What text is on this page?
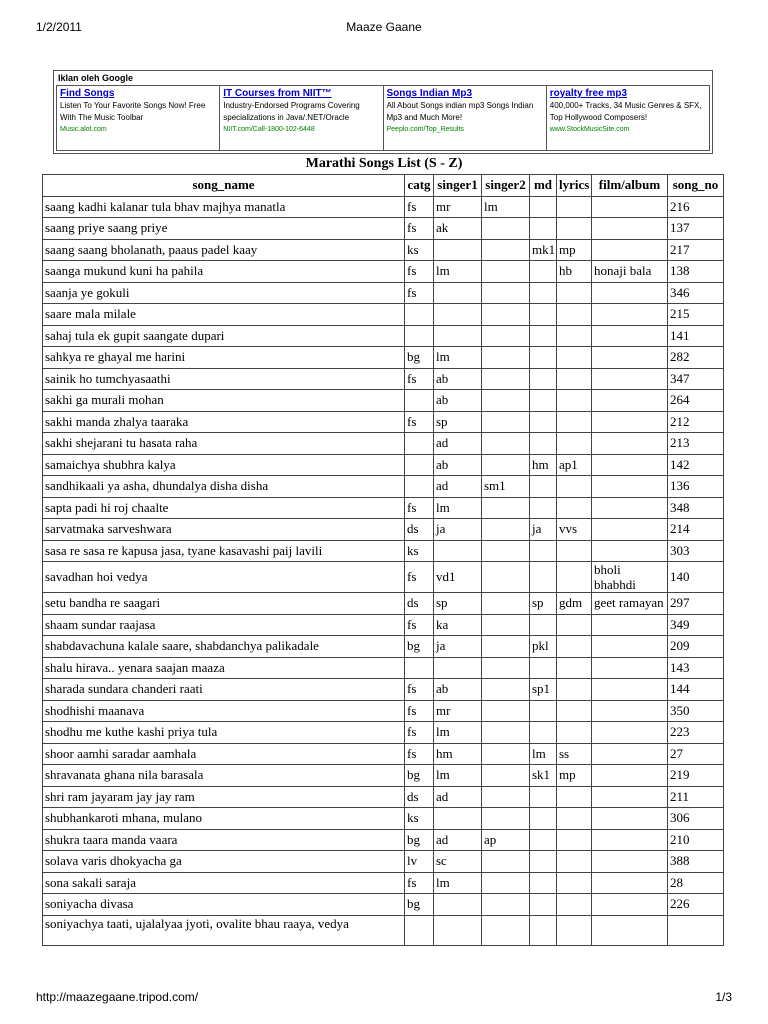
1/2/2011	Maaze Gaane
Iklan oleh Google
Find Songs
Listen To Your Favorite Songs Now! Free With The Music Toolbar
Music.alot.com
IT Courses from NIIT™
Industry-Endorsed Programs Covering specializations in Java/.NET/Oracle
NIIT.com/Call-1800-102-6448
Songs Indian Mp3
All About Songs indian mp3 Songs Indian Mp3 and Much More!
Peeplo.com/Top_Results
royalty free mp3
400,000+ Tracks, 34 Music Genres & SFX, Top Hollywood Composers!
www.StockMusicSite.com
Marathi Songs List (S - Z)
song_name	catg	singer1	singer2	md	lyrics	film/album	song_no
saang kadhi kalanar tula bhav majhya manatla	fs	mr	lm				216
saang priye saang priye	fs	ak					137
saang saang bholanath, paaus padel kaay	ks			mk1	mp		217
saanga mukund kuni ha pahila	fs	lm			hb	honaji bala	138
saanja ye gokuli	fs						346
saare mala milale							215
sahaj tula ek gupit saangate dupari							141
sahkya re ghayal me harini	bg	lm					282
sainik ho tumchyasaathi	fs	ab					347
sakhi ga murali mohan		ab					264
sakhi manda zhalya taaraka	fs	sp					212
sakhi shejarani tu hasata raha		ad					213
samaichya shubhra kalya		ab		hm	ap1		142
sandhikaali ya asha, dhundalya disha disha		ad	sm1				136
sapta padi hi roj chaalte	fs	lm					348
sarvatmaka sarveshwara	ds	ja		ja	vvs		214
sasa re sasa re kapusa jasa, tyane kasavashi paij lavili	ks						303
savadhan hoi vedya	fs	vd1				bholi bhabhdi	140
setu bandha re saagari	ds	sp		sp	gdm	geet ramayan	297
shaam sundar raajasa	fs	ka					349
shabdavachuna kalale saare, shabdanchya palikadale	bg	ja		pkl			209
shalu hirava.. yenara saajan maaza							143
sharada sundara chanderi raati	fs	ab		sp1			144
shodhishi maanava	fs	mr					350
shodhu me kuthe kashi priya tula	fs	lm					223
shoor aamhi saradar aamhala	fs	hm		lm	ss		27
shravanata ghana nila barasala	bg	lm		sk1	mp		219
shri ram jayaram jay jay ram	ds	ad					211
shubhankaroti mhana, mulano	ks						306
shukra taara manda vaara	bg	ad	ap				210
solava varis dhokyacha ga	lv	sc					388
sona sakali saraja	fs	lm					28
soniyacha divasa	bg						226
soniyachya taati, ujalalyaa jyoti, ovalite bhau raaya, vedya							
http://maazegaane.tripod.com/	1/3
